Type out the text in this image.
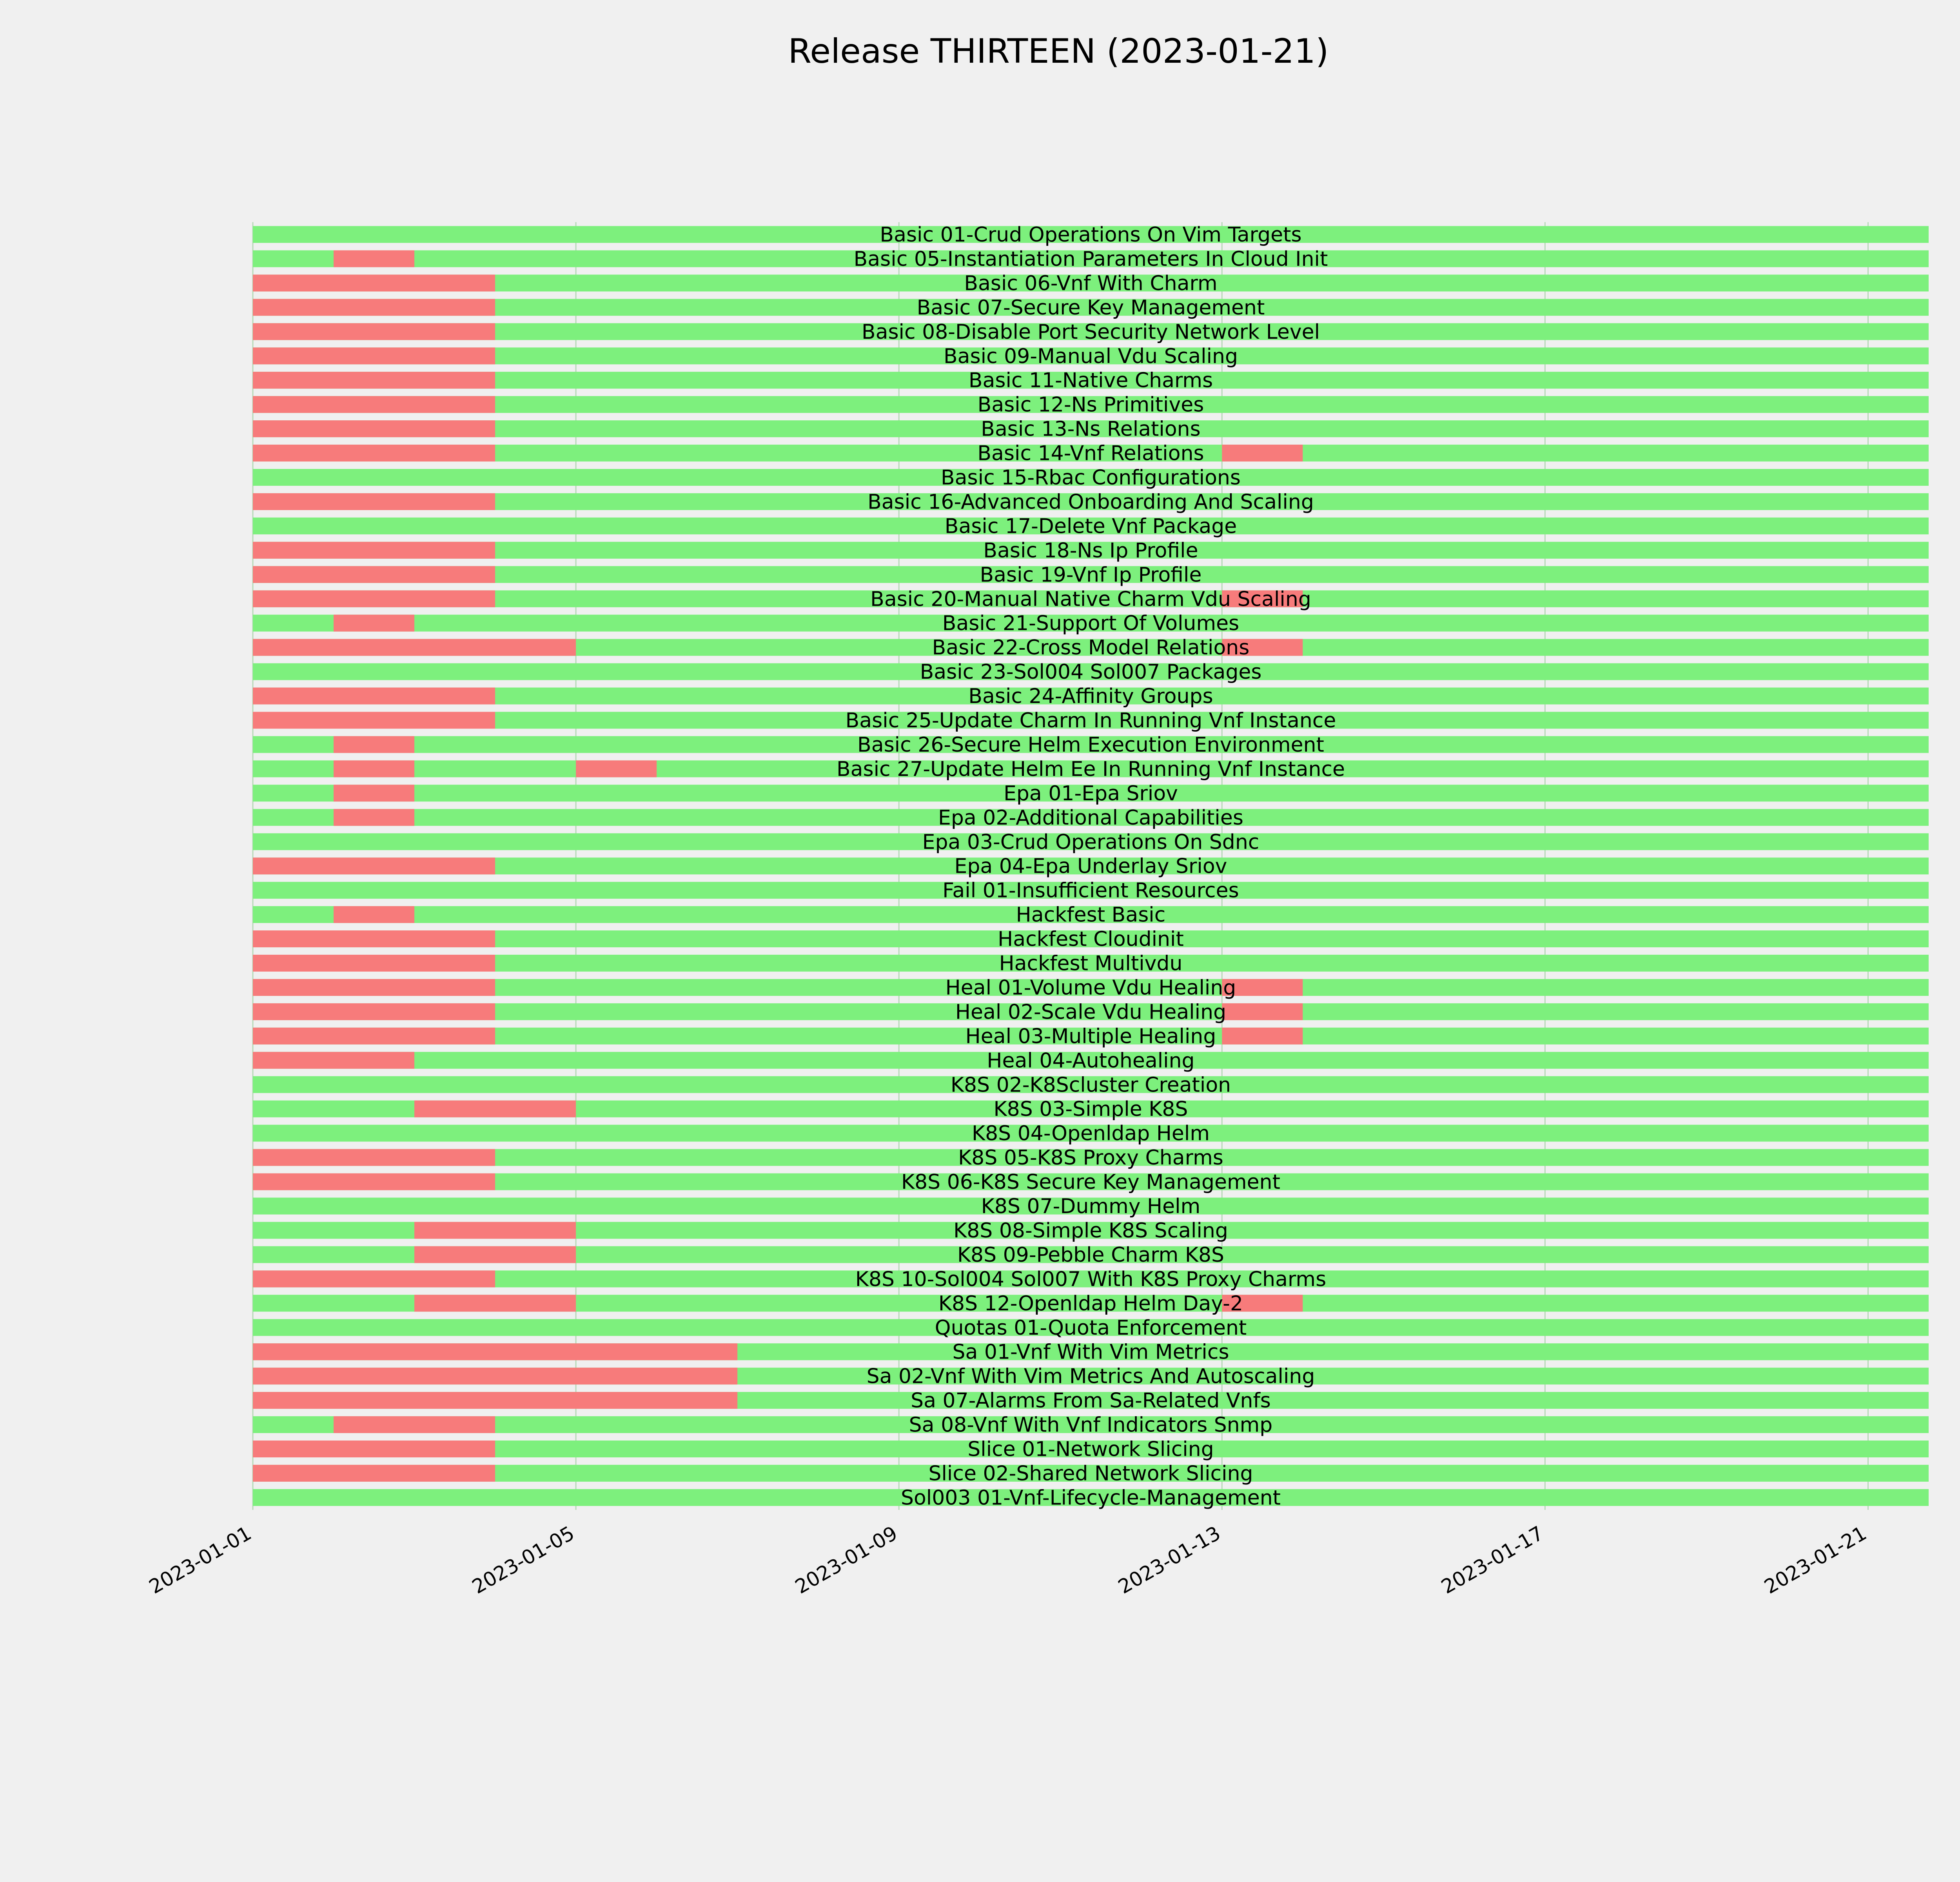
Release THIRTEEN (2023-01-21)
Basic 01-Crud Operations On Vim Targets
Basic 05-Instantiation Parameters In Cloud Init
Basic 06-Vnf With Charm
Basic 07-Secure Key Management
Basic 08-Disable Port Security Network Level
Basic 09-Manual Vdu Scaling
Basic 11-Native Charms
Basic 12-Ns Primitives
Basic 13-Ns Relations
Basic 14-Vnf Relations
Basic 15-Rbac Configurations
Basic 16-Advanced Onboarding And Scaling
Basic 17-Delete Vnf Package
Basic 18-Ns Ip Profile
Basic 19-Vnf Ip Profile
Basic 20-Manual Native Charm Vdu Scaling
Basic 21-Support Of Volumes
Basic 22-Cross Model Relations
Basic 23-Sol004 Sol007 Packages
Basic 24-Affinity Groups
Basic 25-Update Charm In Running Vnf Instance
Basic 26-Secure Helm Execution Environment
Basic 27-Update Helm Ee In Running Vnf Instance
Epa 01-Epa Sriov
Epa 02-Additional Capabilities
Epa 03-Crud Operations On Sdnc
Epa 04-Epa Underlay Sriov
Fail 01-Insufficient Resources
Hackfest Basic
Hackfest Cloudinit
Hackfest Multivdu
Heal 01-Volume Vdu Healing
Heal 02-Scale Vdu Healing
Heal 03-Multiple Healing
Heal 04-Autohealing
K8S 02-K8Scluster Creation
K8S 03-Simple K8S
K8S 04-Openldap Helm
K8S 05-K8S Proxy Charms
K8S 06-K8S Secure Key Management
K8S 07-Dummy Helm
K8S 08-Simple K8S Scaling
K8S 09-Pebble Charm K8S
K8S 10-Sol004 Sol007 With K8S Proxy Charms
K8S 12-Openldap Helm Day-2
Quotas 01-Quota Enforcement
Sa 01-Vnf With Vim Metrics
Sa 02-Vnf With Vim Metrics And Autoscaling
Sa 07-Alarms From Sa-Related Vnfs
Sa 08-Vnf With Vnf Indicators Snmp
Slice 01-Network Slicing
Slice 02-Shared Network Slicing
Sol003 01-Vnf-Lifecycle-Management
2023-01-01	2023-01-05	2023-01-09	2023-01-13	2023-01-17	2023-01-21
